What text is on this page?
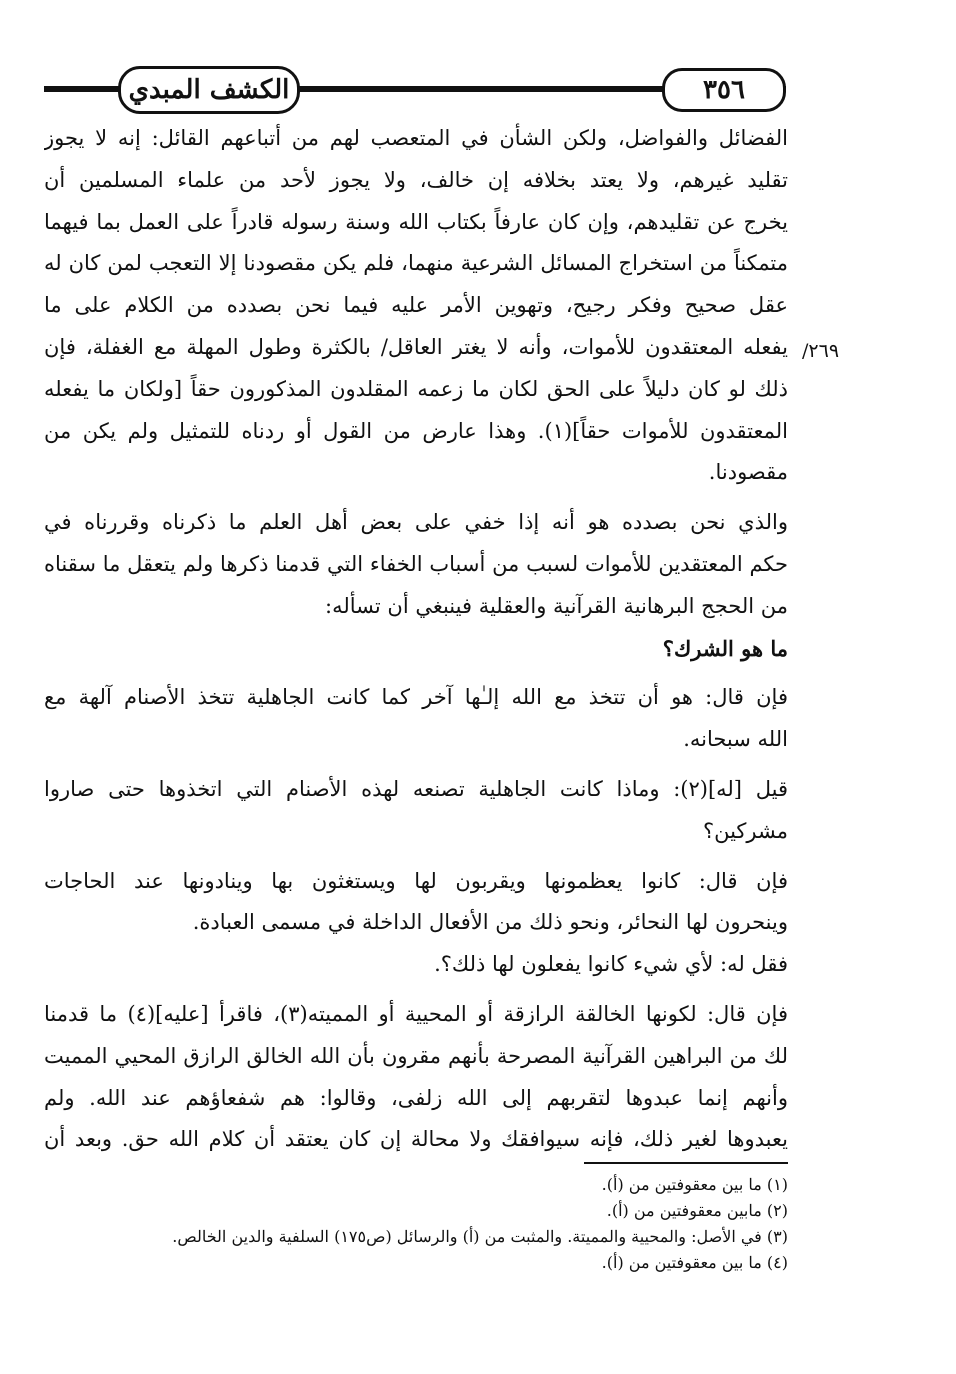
الكشف المبدي	٣٥٦
٢٦٩/
الفضائل والفواضل، ولكن الشأن في المتعصب لهم من أتباعهم القائل: إنه لا يجوز
تقليد غيرهم، ولا يعتد بخلافه إن خالف، ولا يجوز لأحد من علماء المسلمين أن
يخرج عن تقليدهم، وإن كان عارفاً بكتاب الله وسنة رسوله قادراً على العمل بما فيهما
متمكناً من استخراج المسائل الشرعية منهما، فلم يكن مقصودنا إلا التعجب لمن كان له
عقل صحيح وفكر رجيح، وتهوين الأمر عليه فيما نحن بصدده من الكلام على ما
يفعله المعتقدون للأموات، وأنه لا يغتر العاقل/ بالكثرة وطول المهلة مع الغفلة، فإن
ذلك لو كان دليلاً على الحق لكان ما زعمه المقلدون المذكورون حقاً [ولكان ما يفعله
المعتقدون للأموات حقاً](١). وهذا عارض من القول أو ردناه للتمثيل ولم يكن من
مقصودنا.
والذي نحن بصدده هو أنه إذا خفي على بعض أهل العلم ما ذكرناه وقررناه في
حكم المعتقدين للأموات لسبب من أسباب الخفاء التي قدمنا ذكرها ولم يتعقل ما سقناه
من الحجج البرهانية القرآنية والعقلية فينبغي أن تسأله:
ما هو الشرك؟
فإن قال: هو أن تتخذ مع الله إلـٰها آخر كما كانت الجاهلية تتخذ الأصنام آلهة مع
الله سبحانه.
قيل [له](٢): وماذا كانت الجاهلية تصنعه لهذه الأصنام التي اتخذوها حتى صاروا
مشركين؟
فإن قال: كانوا يعظمونها ويقربون لها ويستغثون بها وينادونها عند الحاجات
وينحرون لها النحائر، ونحو ذلك من الأفعال الداخلة في مسمى العبادة.
فقل له: لأي شيء كانوا يفعلون لها ذلك؟.
فإن قال: لكونها الخالقة الرازقة أو المحيية أو المميته(٣)، فاقرأ [عليه](٤) ما قدمنا
لك من البراهين القرآنية المصرحة بأنهم مقرون بأن الله الخالق الرازق المحيي المميت
وأنهم إنما عبدوها لتقربهم إلى الله زلفى، وقالوا: هم شفعاؤهم عند الله. ولم
يعبدوها لغير ذلك، فإنه سيوافقك ولا محالة إن كان يعتقد أن كلام الله حق. وبعد أن
(١) ما بين معقوفتين من (أ).
(٢) مابين معقوفتين من (أ).
(٣) في الأصل: والمحيية والمميتة. والمثبت من (أ) والرسائل (ص١٧٥) السلفية والدين الخالص.
(٤) ما بين معقوفتين من (أ).
